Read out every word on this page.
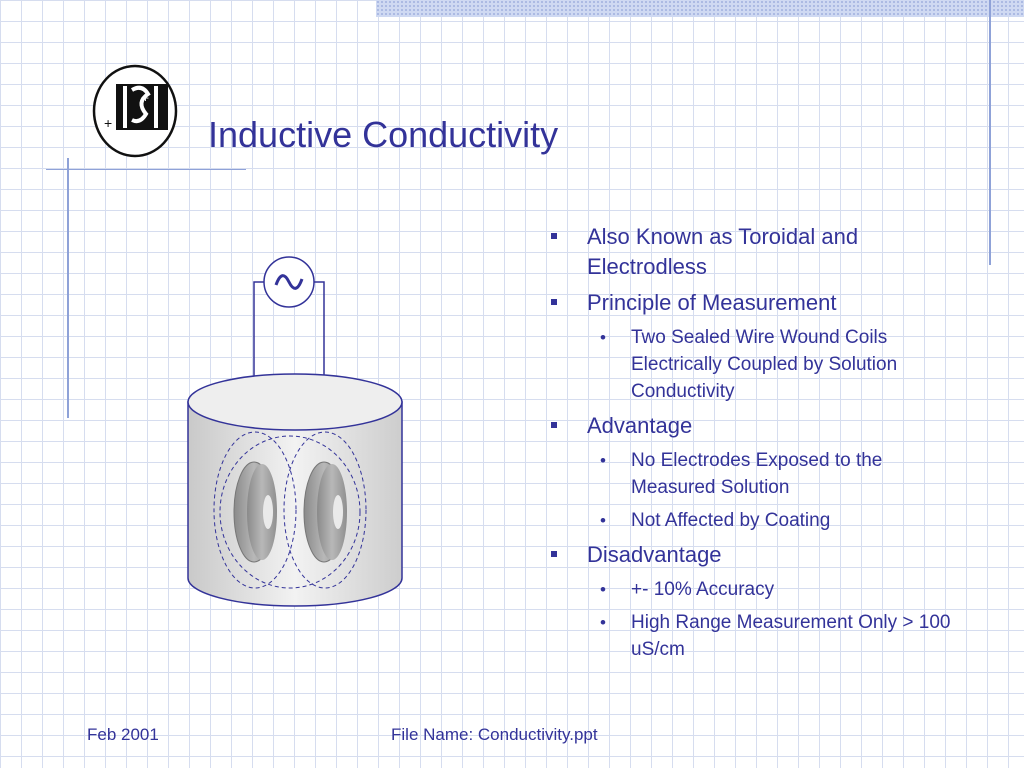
+
+
Inductive Conductivity
Also Known as Toroidal and Electrodless
Principle of Measurement
• Two Sealed Wire Wound Coils Electrically Coupled by Solution Conductivity
Advantage
• No Electrodes Exposed to the Measured Solution
• Not Affected by Coating
Disadvantage
• +- 10% Accuracy
• High Range Measurement Only > 100 uS/cm
Feb 2001	File Name: Conductivity.ppt
